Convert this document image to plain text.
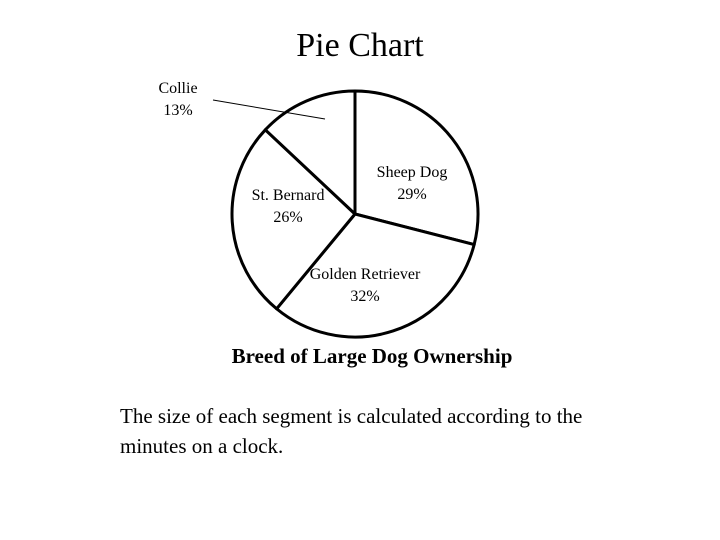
Pie Chart
Sheep Dog
29%
Golden Retriever
32%
St. Bernard
26%
Collie
13%
Breed of Large Dog Ownership
The size of each segment is calculated according to the minutes on a clock.
